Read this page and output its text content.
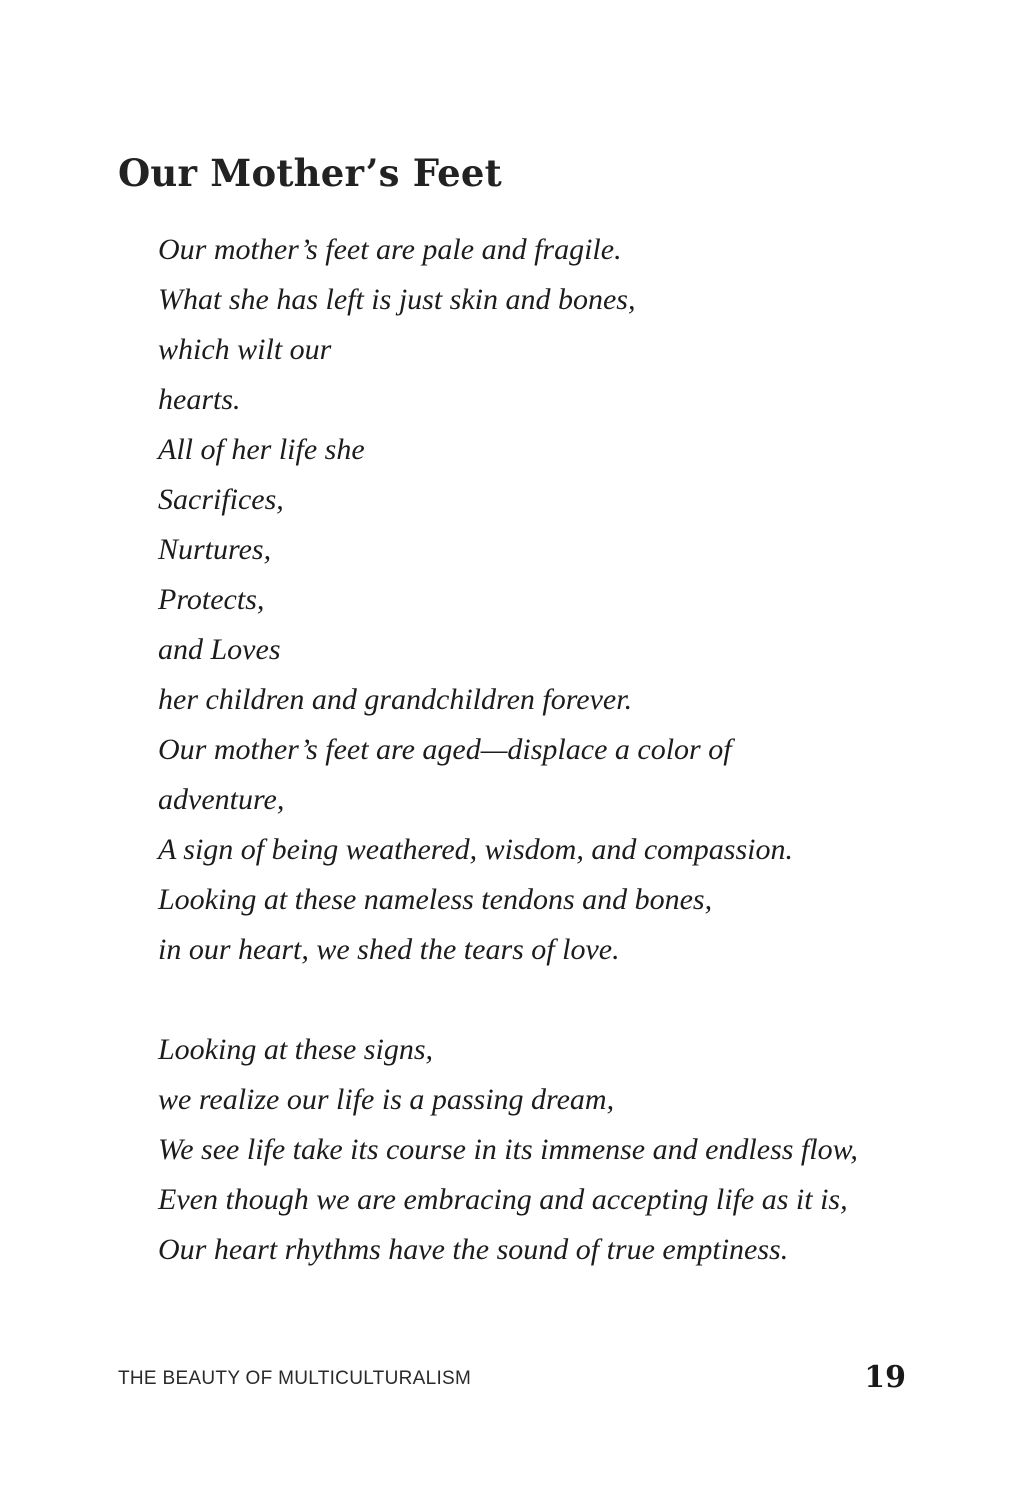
Our Mother’s Feet
Our mother’s feet are pale and fragile.
What she has left is just skin and bones,
which wilt our
hearts.
All of her life she
Sacrifices,
Nurtures,
Protects,
and Loves
her children and grandchildren forever.
Our mother’s feet are aged—displace a color of
adventure,
A sign of being weathered, wisdom, and compassion.
Looking at these nameless tendons and bones,
in our heart, we shed the tears of love.
Looking at these signs,
we realize our life is a passing dream,
We see life take its course in its immense and endless flow,
Even though we are embracing and accepting life as it is,
Our heart rhythms have the sound of true emptiness.
THE BEAUTY OF MULTICULTURALISM	19
